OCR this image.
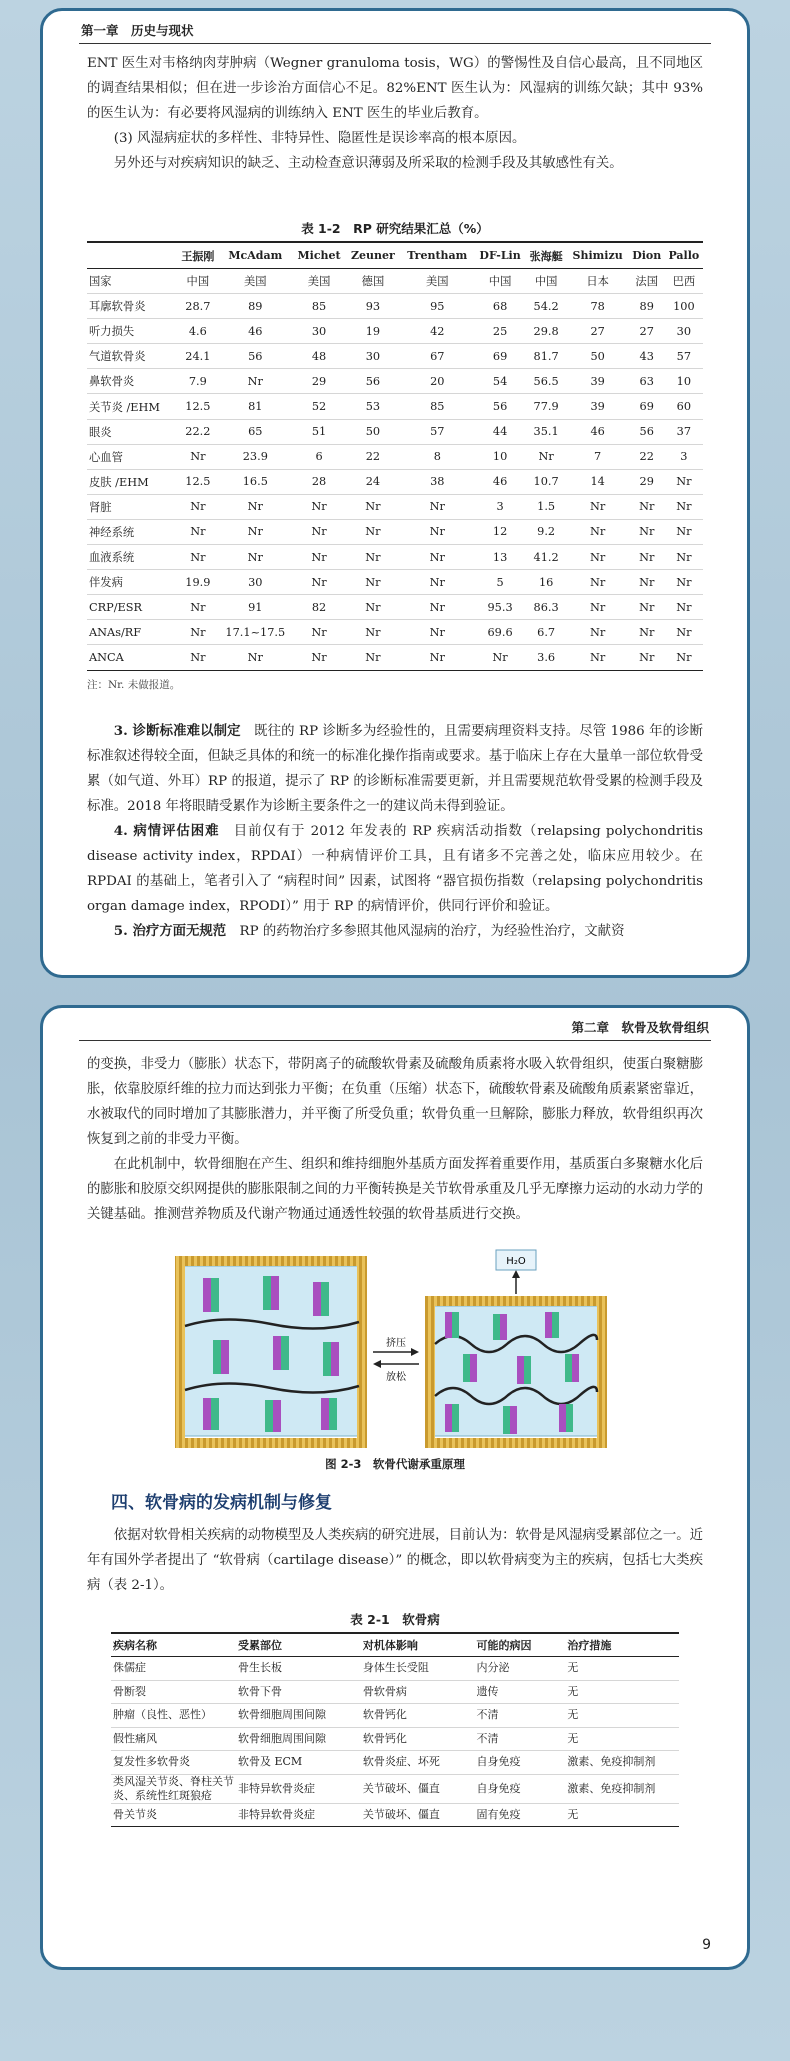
第一章　历史与现状

ENT 医生对韦格纳肉芽肿病（Wegner granuloma tosis，WG）的警惕性及自信心最高，且不同地区的调查结果相似；但在进一步诊治方面信心不足。82%ENT 医生认为：风湿病的训练欠缺；其中 93% 的医生认为：有必要将风湿病的训练纳入 ENT 医生的毕业后教育。

(3) 风湿病症状的多样性、非特异性、隐匿性是误诊率高的根本原因。

另外还与对疾病知识的缺乏、主动检查意识薄弱及所采取的检测手段及其敏感性有关。

表 1-2　RP 研究结果汇总（%）

	王振刚	McAdam	Michet	Zeuner	Trentham	DF-Lin	张海艇	Shimizu	Dion	Pallo
国家	中国	美国	美国	德国	美国	中国	中国	日本	法国	巴西
耳廓软骨炎	28.7	89	85	93	95	68	54.2	78	89	100
听力损失	4.6	46	30	19	42	25	29.8	27	27	30
气道软骨炎	24.1	56	48	30	67	69	81.7	50	43	57
鼻软骨炎	7.9	Nr	29	56	20	54	56.5	39	63	10
关节炎 /EHM	12.5	81	52	53	85	56	77.9	39	69	60
眼炎	22.2	65	51	50	57	44	35.1	46	56	37
心血管	Nr	23.9	6	22	8	10	Nr	7	22	3
皮肤 /EHM	12.5	16.5	28	24	38	46	10.7	14	29	Nr
肾脏	Nr	Nr	Nr	Nr	Nr	3	1.5	Nr	Nr	Nr
神经系统	Nr	Nr	Nr	Nr	Nr	12	9.2	Nr	Nr	Nr
血液系统	Nr	Nr	Nr	Nr	Nr	13	41.2	Nr	Nr	Nr
伴发病	19.9	30	Nr	Nr	Nr	5	16	Nr	Nr	Nr
CRP/ESR	Nr	91	82	Nr	Nr	95.3	86.3	Nr	Nr	Nr
ANAs/RF	Nr	17.1~17.5	Nr	Nr	Nr	69.6	6.7	Nr	Nr	Nr
ANCA	Nr	Nr	Nr	Nr	Nr	Nr	3.6	Nr	Nr	Nr
注：Nr. 未做报道。

3. 诊断标准难以制定　既往的 RP 诊断多为经验性的，且需要病理资料支持。尽管 1986 年的诊断标准叙述得较全面，但缺乏具体的和统一的标准化操作指南或要求。基于临床上存在大量单一部位软骨受累（如气道、外耳）RP 的报道，提示了 RP 的诊断标准需要更新，并且需要规范软骨受累的检测手段及标准。2018 年将眼睛受累作为诊断主要条件之一的建议尚未得到验证。

4. 病情评估困难　目前仅有于 2012 年发表的 RP 疾病活动指数（relapsing polychondritis disease activity index，RPDAI）一种病情评价工具，且有诸多不完善之处，临床应用较少。在 RPDAI 的基础上，笔者引入了 “病程时间” 因素，试图将 “器官损伤指数（relapsing polychondritis organ damage index，RPODI）” 用于 RP 的病情评价，供同行评价和验证。

5. 治疗方面无规范　RP 的药物治疗多参照其他风湿病的治疗，为经验性治疗，文献资

第二章　软骨及软骨组织

的变换，非受力（膨胀）状态下，带阴离子的硫酸软骨素及硫酸角质素将水吸入软骨组织，使蛋白聚糖膨胀，依靠胶原纤维的拉力而达到张力平衡；在负重（压缩）状态下，硫酸软骨素及硫酸角质素紧密靠近，水被取代的同时增加了其膨胀潜力，并平衡了所受负重；软骨负重一旦解除，膨胀力释放，软骨组织再次恢复到之前的非受力平衡。

在此机制中，软骨细胞在产生、组织和维持细胞外基质方面发挥着重要作用，基质蛋白多聚糖水化后的膨胀和胶原交织网提供的膨胀限制之间的力平衡转换是关节软骨承重及几乎无摩擦力运动的水动力学的关键基础。推测营养物质及代谢产物通过通透性较强的软骨基质进行交换。

挤压
放松
H₂O
图 2-3　软骨代谢承重原理
四、软骨病的发病机制与修复

依据对软骨相关疾病的动物模型及人类疾病的研究进展，目前认为：软骨是风湿病受累部位之一。近年有国外学者提出了 “软骨病（cartilage disease）” 的概念，即以软骨病变为主的疾病，包括七大类疾病（表 2-1）。

表 2-1　软骨病

疾病名称	受累部位	对机体影响	可能的病因	治疗措施
侏儒症	骨生长板	身体生长受阻	内分泌	无
骨断裂	软骨下骨	骨软骨病	遗传	无
肿瘤（良性、恶性）	软骨细胞周围间隙	软骨钙化	不清	无
假性痛风	软骨细胞周围间隙	软骨钙化	不清	无
复发性多软骨炎	软骨及 ECM	软骨炎症、坏死	自身免疫	激素、免疫抑制剂
类风湿关节炎、脊柱关节炎、系统性红斑狼疮	非特异软骨炎症	关节破坏、僵直	自身免疫	激素、免疫抑制剂
骨关节炎	非特异软骨炎症	关节破坏、僵直	固有免疫	无
9
